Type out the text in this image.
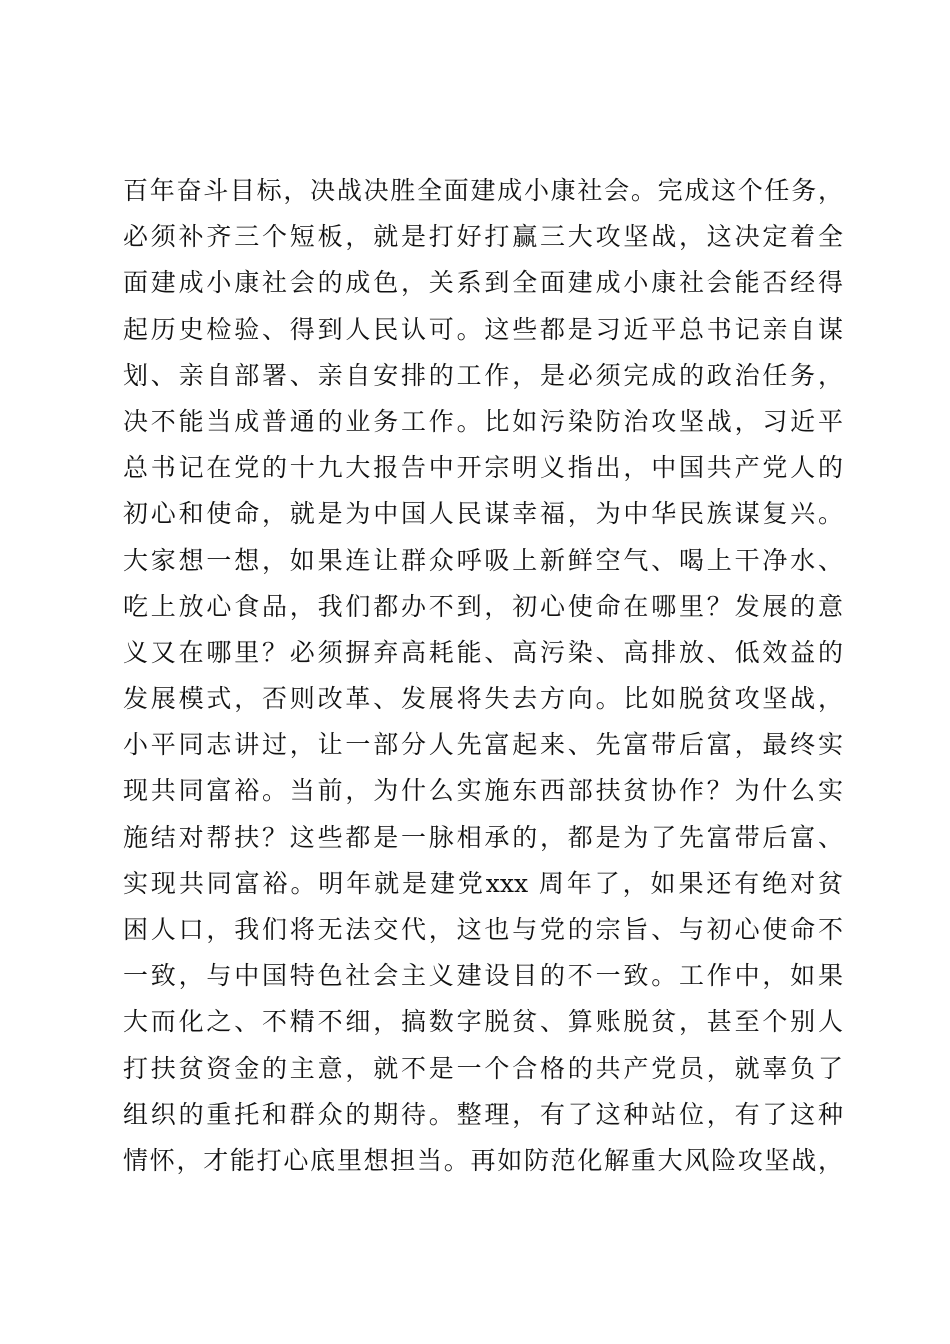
百年奋斗目标，决战决胜全面建成小康社会。完成这个任务，
必须补齐三个短板，就是打好打赢三大攻坚战，这决定着全
面建成小康社会的成色，关系到全面建成小康社会能否经得
起历史检验、得到人民认可。这些都是习近平总书记亲自谋
划、亲自部署、亲自安排的工作，是必须完成的政治任务，
决不能当成普通的业务工作。比如污染防治攻坚战，习近平
总书记在党的十九大报告中开宗明义指出，中国共产党人的
初心和使命，就是为中国人民谋幸福，为中华民族谋复兴。
大家想一想，如果连让群众呼吸上新鲜空气、喝上干净水、
吃上放心食品，我们都办不到，初心使命在哪里？发展的意
义又在哪里？必须摒弃高耗能、高污染、高排放、低效益的
发展模式，否则改革、发展将失去方向。比如脱贫攻坚战，
小平同志讲过，让一部分人先富起来、先富带后富，最终实
现共同富裕。当前，为什么实施东西部扶贫协作？为什么实
施结对帮扶？这些都是一脉相承的，都是为了先富带后富、
实现共同富裕。明年就是建党xxx 周年了，如果还有绝对贫
困人口，我们将无法交代，这也与党的宗旨、与初心使命不
一致，与中国特色社会主义建设目的不一致。工作中，如果
大而化之、不精不细，搞数字脱贫、算账脱贫，甚至个别人
打扶贫资金的主意，就不是一个合格的共产党员，就辜负了
组织的重托和群众的期待。整理，有了这种站位，有了这种
情怀，才能打心底里想担当。再如防范化解重大风险攻坚战，
